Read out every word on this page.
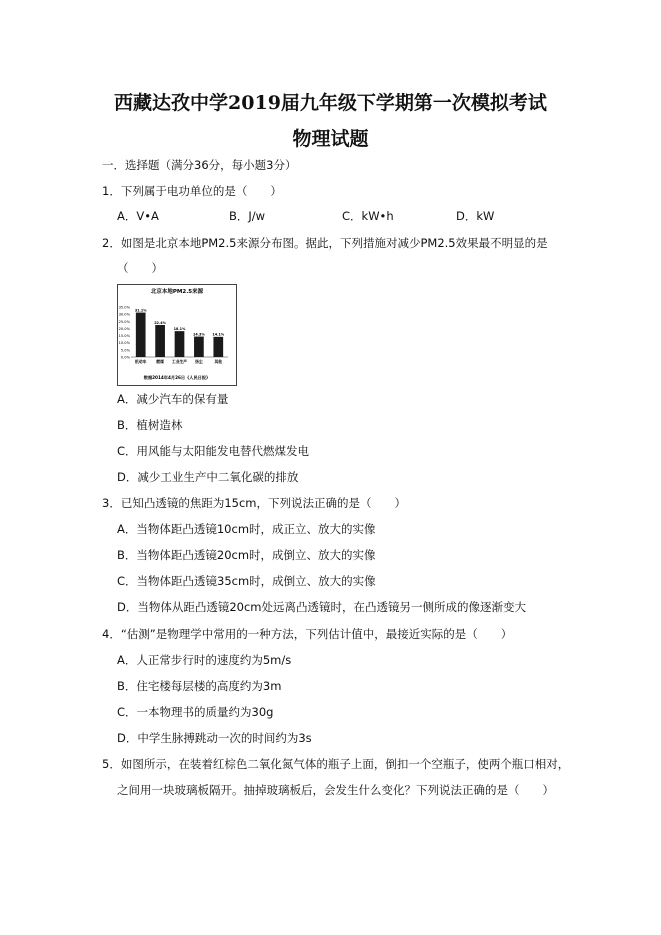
西藏达孜中学2019届九年级下学期第一次模拟考试
物理试题
一．选择题（满分36分，每小题3分）
1．下列属于电功单位的是（　　）
A．V•A	B．J/w	C．kW•h	D．kW
2．如图是北京本地PM2.5来源分布图。据此，下列措施对减少PM2.5效果最不明显的是
（　　）
北京本地PM2.5来源
35.0%
30.0%
25.0%
20.0%
15.0%
10.0%
5.0%
0.0%
31.1%
22.4%
18.1%
14.3% 14.1%
机动车	燃煤 工业生产 扬尘	其他
数据2014年4月26日《人民日报》
A．减少汽车的保有量
B．植树造林
C．用风能与太阳能发电替代燃煤发电
D．减少工业生产中二氧化碳的排放
3．已知凸透镜的焦距为15cm，下列说法正确的是（　　）
A．当物体距凸透镜10cm时，成正立、放大的实像
B．当物体距凸透镜20cm时，成倒立、放大的实像
C．当物体距凸透镜35cm时，成倒立、放大的实像
D．当物体从距凸透镜20cm处远离凸透镜时，在凸透镜另一侧所成的像逐渐变大
4．“估测”是物理学中常用的一种方法，下列估计值中，最接近实际的是（　　）
A．人正常步行时的速度约为5m/s
B．住宅楼每层楼的高度约为3m
C．一本物理书的质量约为30g
D．中学生脉搏跳动一次的时间约为3s
5．如图所示，在装着红棕色二氧化氮气体的瓶子上面，倒扣一个空瓶子，使两个瓶口相对，
之间用一块玻璃板隔开。抽掉玻璃板后，会发生什么变化？下列说法正确的是（　　）
